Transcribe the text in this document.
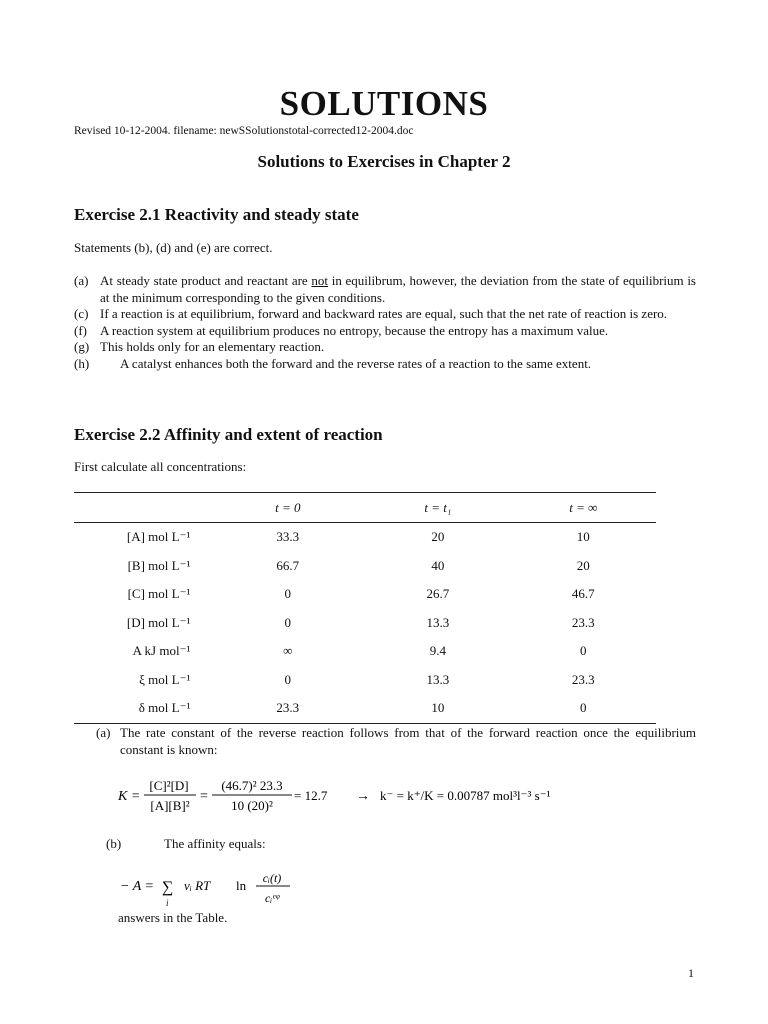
SOLUTIONS
Revised 10-12-2004. filename: newSSolutionstotal-corrected12-2004.doc
Solutions to Exercises in Chapter 2
Exercise 2.1 Reactivity and steady state
Statements (b), (d) and (e) are correct.
(a) At steady state product and reactant are not in equilibrum, however, the deviation from the state of equilibrium is at the minimum corresponding to the given conditions.
(c) If a reaction is at equilibrium, forward and backward rates are equal, such that the net rate of reaction is zero.
(f)	A reaction system at equilibrium produces no entropy, because the entropy has a maximum value.
(g) This holds only for an elementary reaction.
(h)	A catalyst enhances both the forward and the reverse rates of a reaction to the same extent.
Exercise 2.2 Affinity and extent of reaction
First calculate all concentrations:
	t = 0	t = t₁	t = ∞
[A] mol L⁻¹	33.3	20	10
[B] mol L⁻¹	66.7	40	20
[C] mol L⁻¹	0	26.7	46.7
[D] mol L⁻¹	0	13.3	23.3
A kJ mol⁻¹	∞	9.4	0
ξ mol L⁻¹	0	13.3	23.3
δ mol L⁻¹	23.3	10	0
(a) The rate constant of the reverse reaction follows from that of the forward reaction once the equilibrium constant is known:
K =
[C]²[D]
[A][B]²
=
(46.7)² 23.3
10 (20)²
= 12.7 → k⁻ = k⁺/K = 0.00787 mol³l⁻³ s⁻¹
(b)	The affinity equals:
− A = ∑
i
νᵢ RT ln cᵢ(t)
cᵢᵉᵠ
answers in the Table.
1
